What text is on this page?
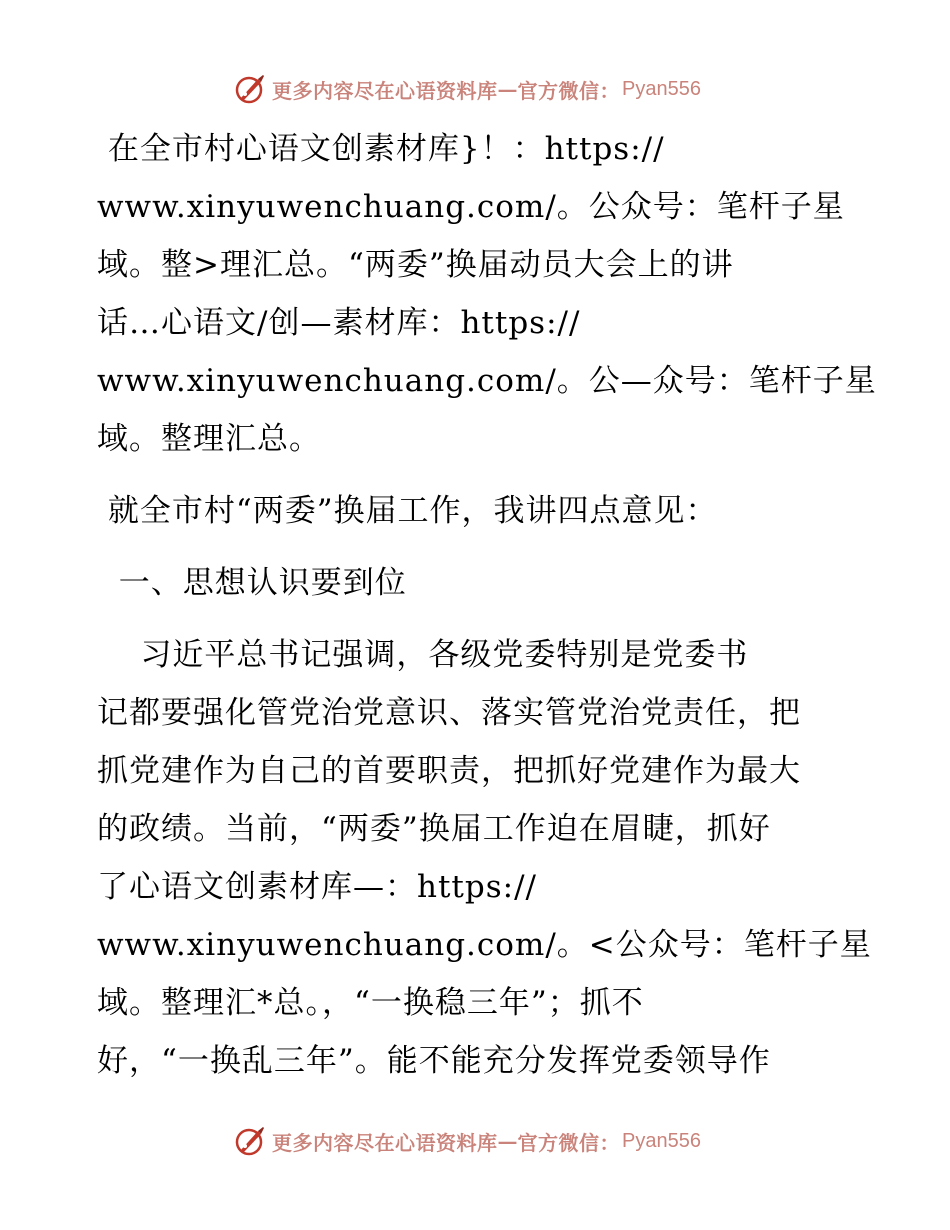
更多内容尽在心语资料库 — 官方微信： Pyan556
在全市村心语文创素材库}！：https://
www.xinyuwenchuang.com/。公众号：笔杆子星
域。整>理汇总。“两委”换届动员大会上的讲
话…心语文/创—素材库：https://
www.xinyuwenchuang.com/。公—众号：笔杆子星
域。整理汇总。
就全市村“两委”换届工作，我讲四点意见：
一、思想认识要到位
习近平总书记强调，各级党委特别是党委书
记都要强化管党治党意识、落实管党治党责任，把
抓党建作为自己的首要职责，把抓好党建作为最大
的政绩。当前，“两委”换届工作迫在眉睫，抓好
了心语文创素材库—：https://
www.xinyuwenchuang.com/。<公众号：笔杆子星
域。整理汇*总。，“一换稳三年”；抓不
好，“一换乱三年”。能不能充分发挥党委领导作
更多内容尽在心语资料库 — 官方微信： Pyan556
